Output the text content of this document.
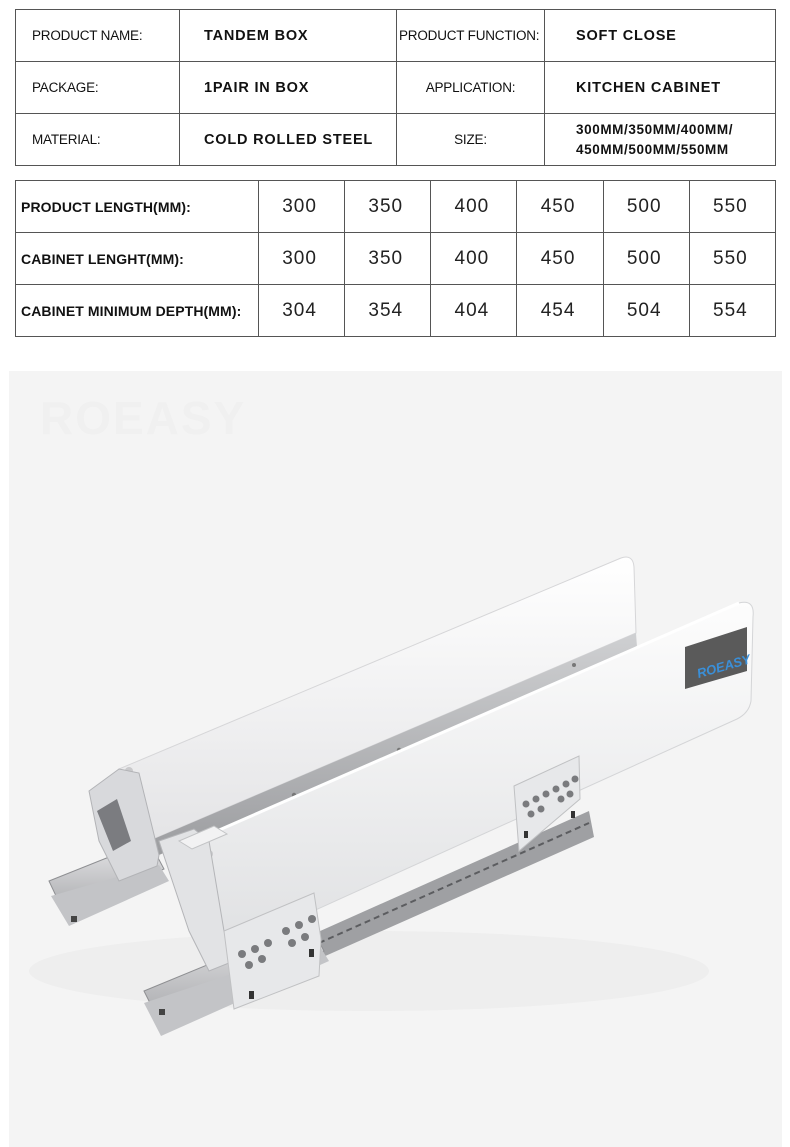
PRODUCT NAME:	TANDEM BOX	PRODUCT FUNCTION:	SOFT CLOSE
PACKAGE:	1PAIR IN BOX	APPLICATION:	KITCHEN CABINET
MATERIAL:	COLD ROLLED STEEL	SIZE:	300MM/350MM/400MM/
450MM/500MM/550MM
PRODUCT LENGTH(MM):	300	350	400	450	500	550
CABINET LENGHT(MM):	300	350	400	450	500	550
CABINET MINIMUM DEPTH(MM):	304	354	404	454	504	554
ROEASY
ROEASY
